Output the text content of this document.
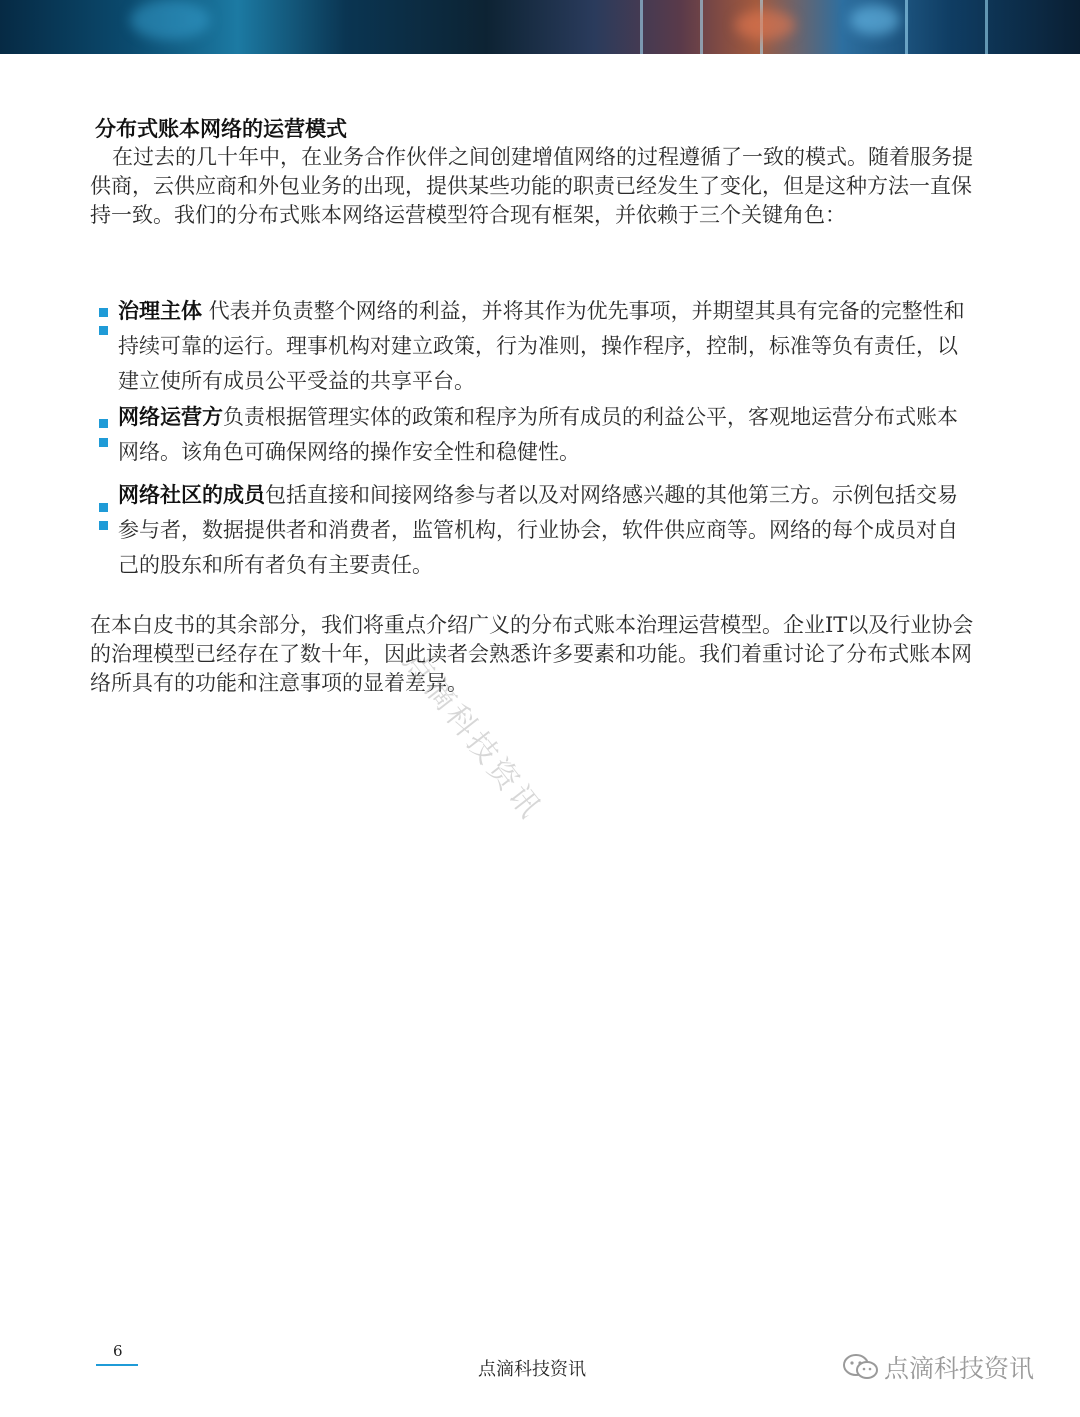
分布式账本网络的运营模式

在过去的几十年中，在业务合作伙伴之间创建增值网络的过程遵循了一致的模式。随着服务提供商，云供应商和外包业务的出现，提供某些功能的职责已经发生了变化，但是这种方法一直保持一致。我们的分布式账本网络运营模型符合现有框架，并依赖于三个关键角色：

治理主体 代表并负责整个网络的利益，并将其作为优先事项，并期望其具有完备的完整性和持续可靠的运行。理事机构对建立政策，行为准则，操作程序，控制，标准等负有责任，以建立使所有成员公平受益的共享平台。

网络运营方负责根据管理实体的政策和程序为所有成员的利益公平，客观地运营分布式账本网络。该角色可确保网络的操作安全性和稳健性。

网络社区的成员包括直接和间接网络参与者以及对网络感兴趣的其他第三方。示例包括交易参与者，数据提供者和消费者，监管机构，行业协会，软件供应商等。网络的每个成员对自己的股东和所有者负有主要责任。

在本白皮书的其余部分，我们将重点介绍广义的分布式账本治理运营模型。企业IT以及行业协会的治理模型已经存在了数十年，因此读者会熟悉许多要素和功能。我们着重讨论了分布式账本网络所具有的功能和注意事项的显着差异。

点滴科技资讯
6
点滴科技资讯	点滴科技资讯
